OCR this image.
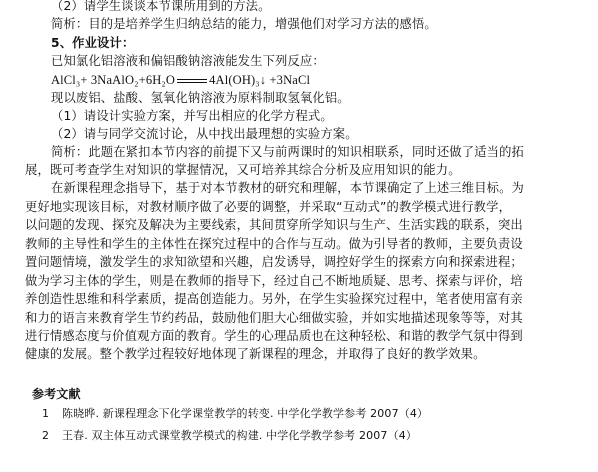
（2）请学生谈谈本节课所用到的方法。
简析：目的是培养学生归纳总结的能力，增强他们对学习方法的感悟。
5、作业设计：
已知氯化铝溶液和偏铝酸钠溶液能发生下列反应：
AlCl₃+ 3NaAlO₂+6H₂O	4Al(OH)₃↓ +3NaCl
现以废铝、盐酸、氢氧化钠溶液为原料制取氢氧化铝。
（1）请设计实验方案，并写出相应的化学方程式。
（2）请与同学交流讨论，从中找出最理想的实验方案。
简析：此题在紧扣本节内容的前提下又与前两课时的知识相联系，同时还做了适当的拓
展，既可考查学生对知识的掌握情况，又可培养其综合分析及应用知识的能力。
在新课程理念指导下，基于对本节教材的研究和理解，本节课确定了上述三维目标。为
更好地实现该目标，对教材顺序做了必要的调整，并采取“互动式”的教学模式进行教学，
以问题的发现、探究及解决为主要线索，其间贯穿所学知识与生产、生活实践的联系，突出
教师的主导性和学生的主体性在探究过程中的合作与互动。做为引导者的教师，主要负责设
置问题情境，激发学生的求知欲望和兴趣，启发诱导，调控好学生的探索方向和探索进程；
做为学习主体的学生，则是在教师的指导下，经过自己不断地质疑、思考、探索与评价，培
养创造性思维和科学素质，提高创造能力。另外，在学生实验探究过程中，笔者使用富有亲
和力的语言来教育学生节约药品，鼓励他们胆大心细做实验，并如实地描述现象等等，对其
进行情感态度与价值观方面的教育。学生的心理品质也在这种轻松、和谐的教学气氛中得到
健康的发展。整个教学过程较好地体现了新课程的理念，并取得了良好的教学效果。
参考文献
1 陈晓晔. 新课程理念下化学课堂教学的转变. 中学化学教学参考 2007（4）
2 王春. 双主体互动式课堂教学模式的构建. 中学化学教学参考 2007（4）
